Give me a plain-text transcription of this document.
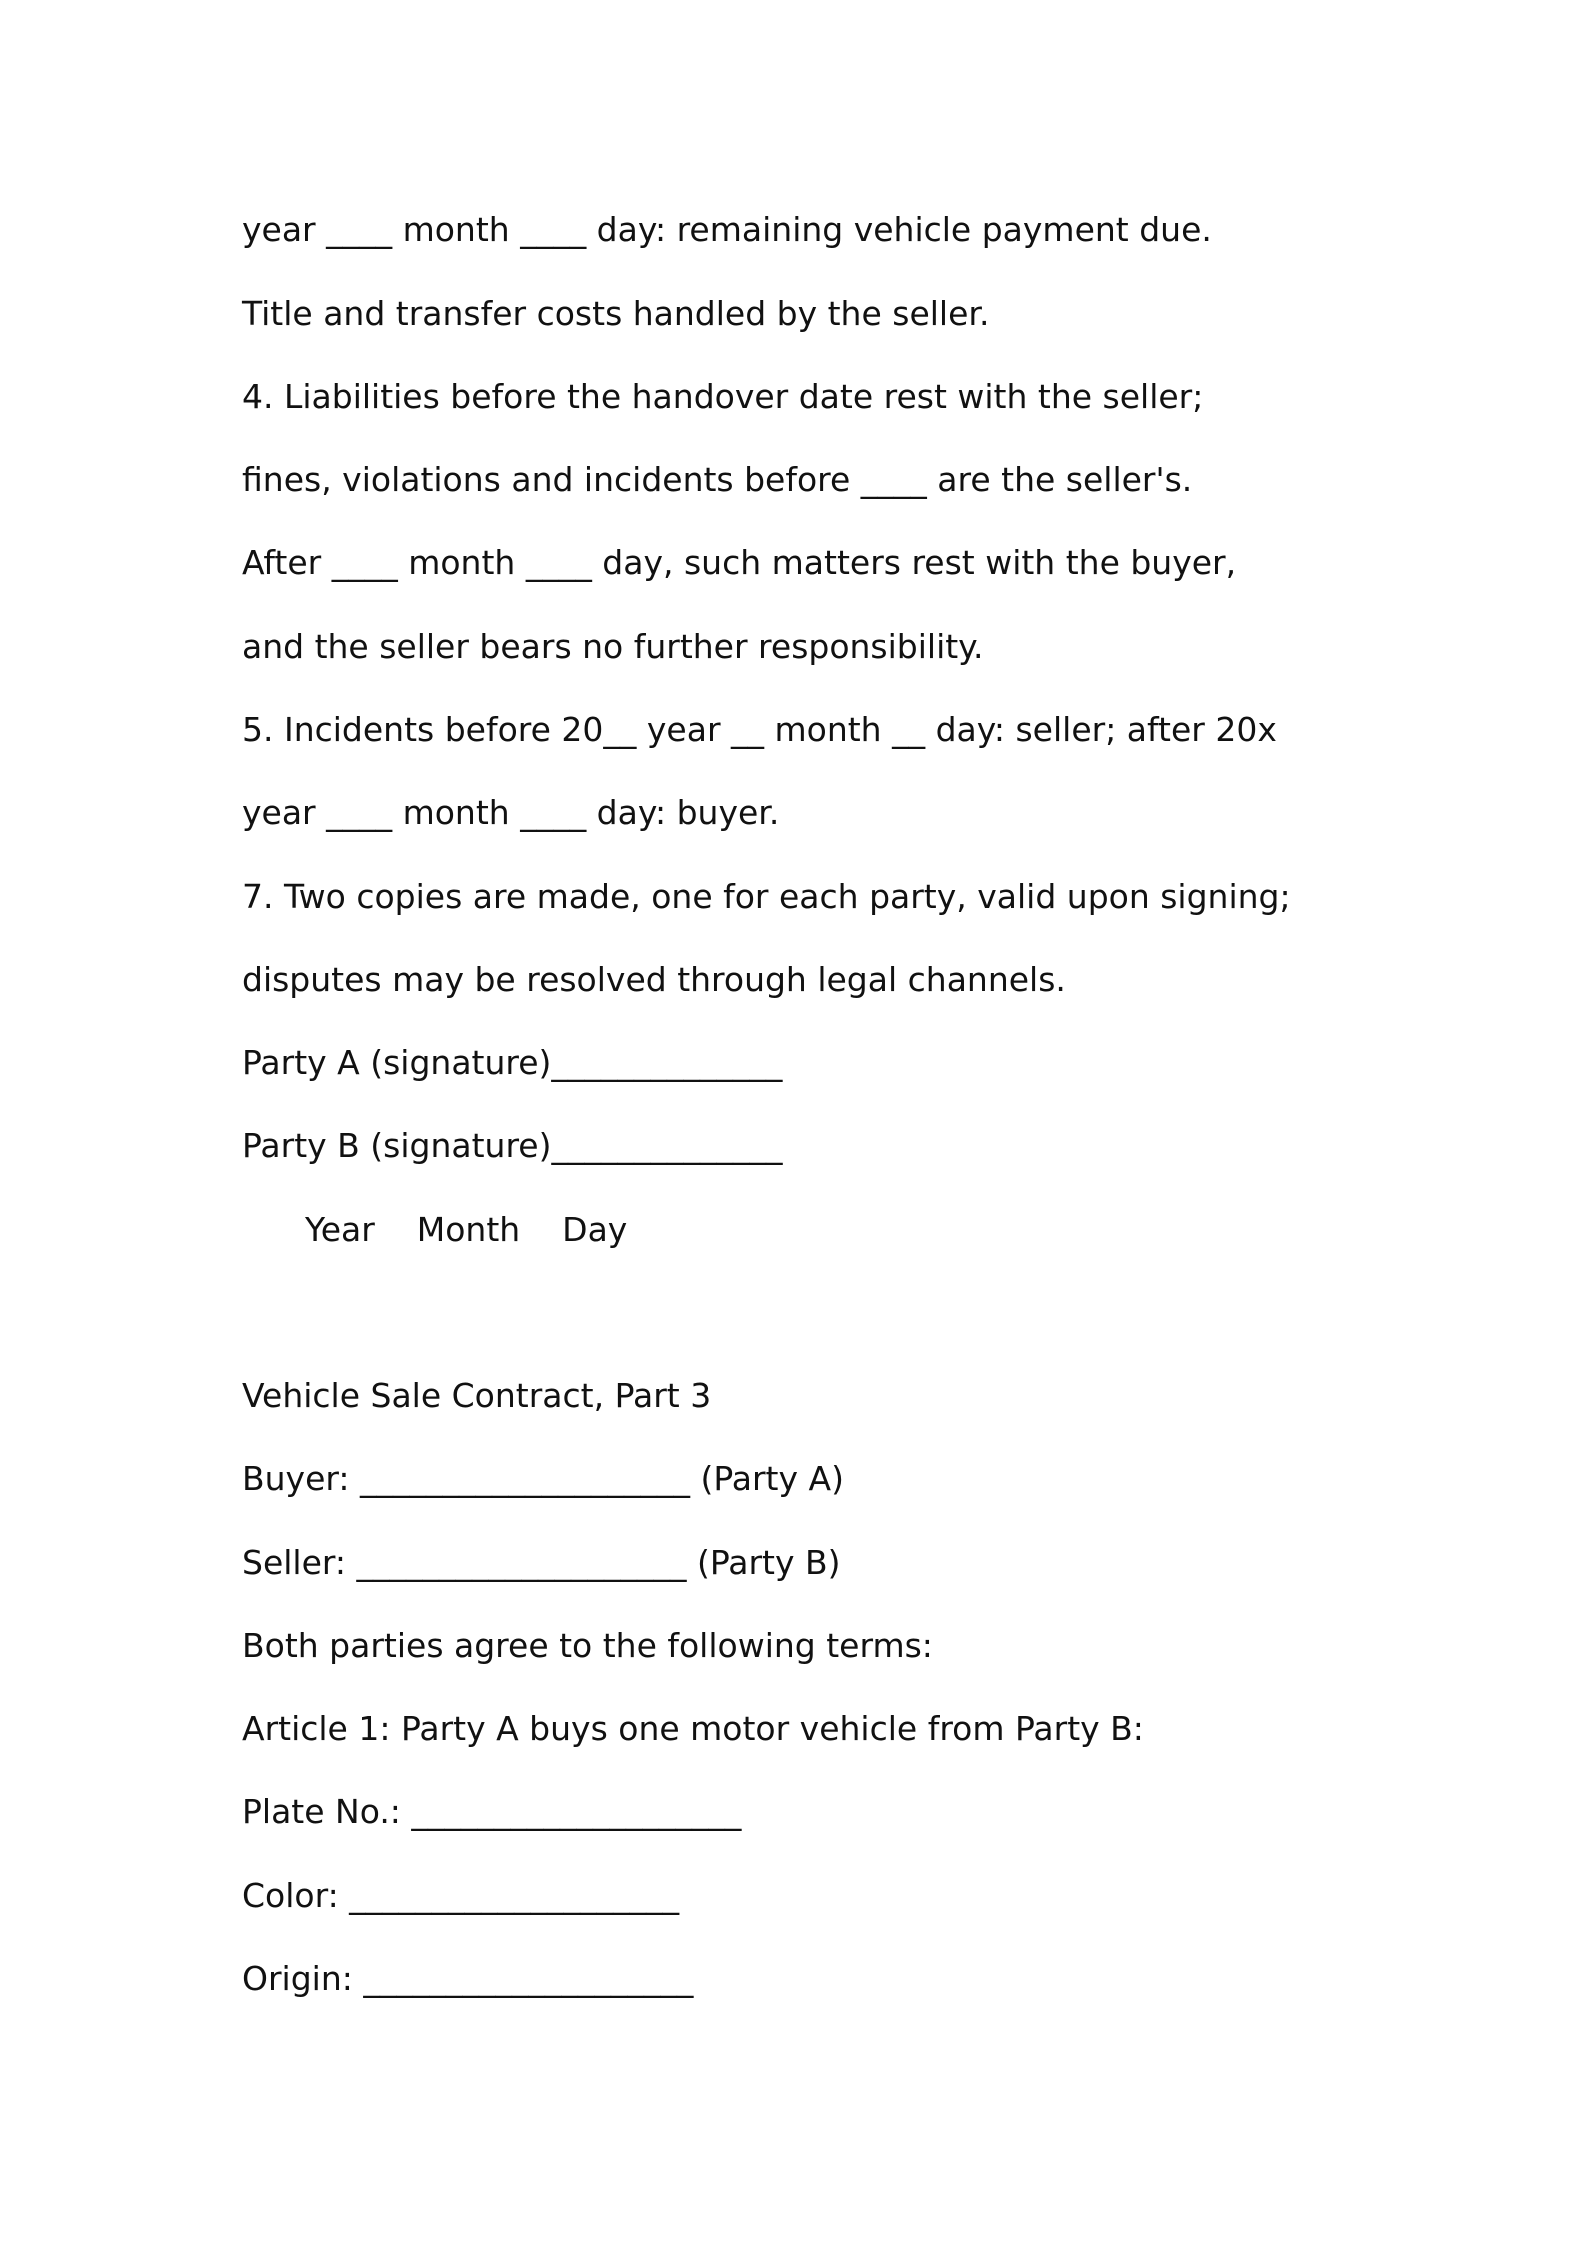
year ____ month ____ day: remaining vehicle payment due.
Title and transfer costs handled by the seller.
4. Liabilities before the handover date rest with the seller;
fines, violations and incidents before ____ are the seller's.
After ____ month ____ day, such matters rest with the buyer,
and the seller bears no further responsibility.
5. Incidents before 20__ year __ month __ day: seller; after 20x
year ____ month ____ day: buyer.
7. Two copies are made, one for each party, valid upon signing;
disputes may be resolved through legal channels.
Party A (signature)______________
Party B (signature)______________
Year    Month    Day
Vehicle Sale Contract, Part 3
Buyer: ____________________ (Party A)
Seller: ____________________ (Party B)
Both parties agree to the following terms:
Article 1: Party A buys one motor vehicle from Party B:
Plate No.: ____________________
Color: ____________________
Origin: ____________________
